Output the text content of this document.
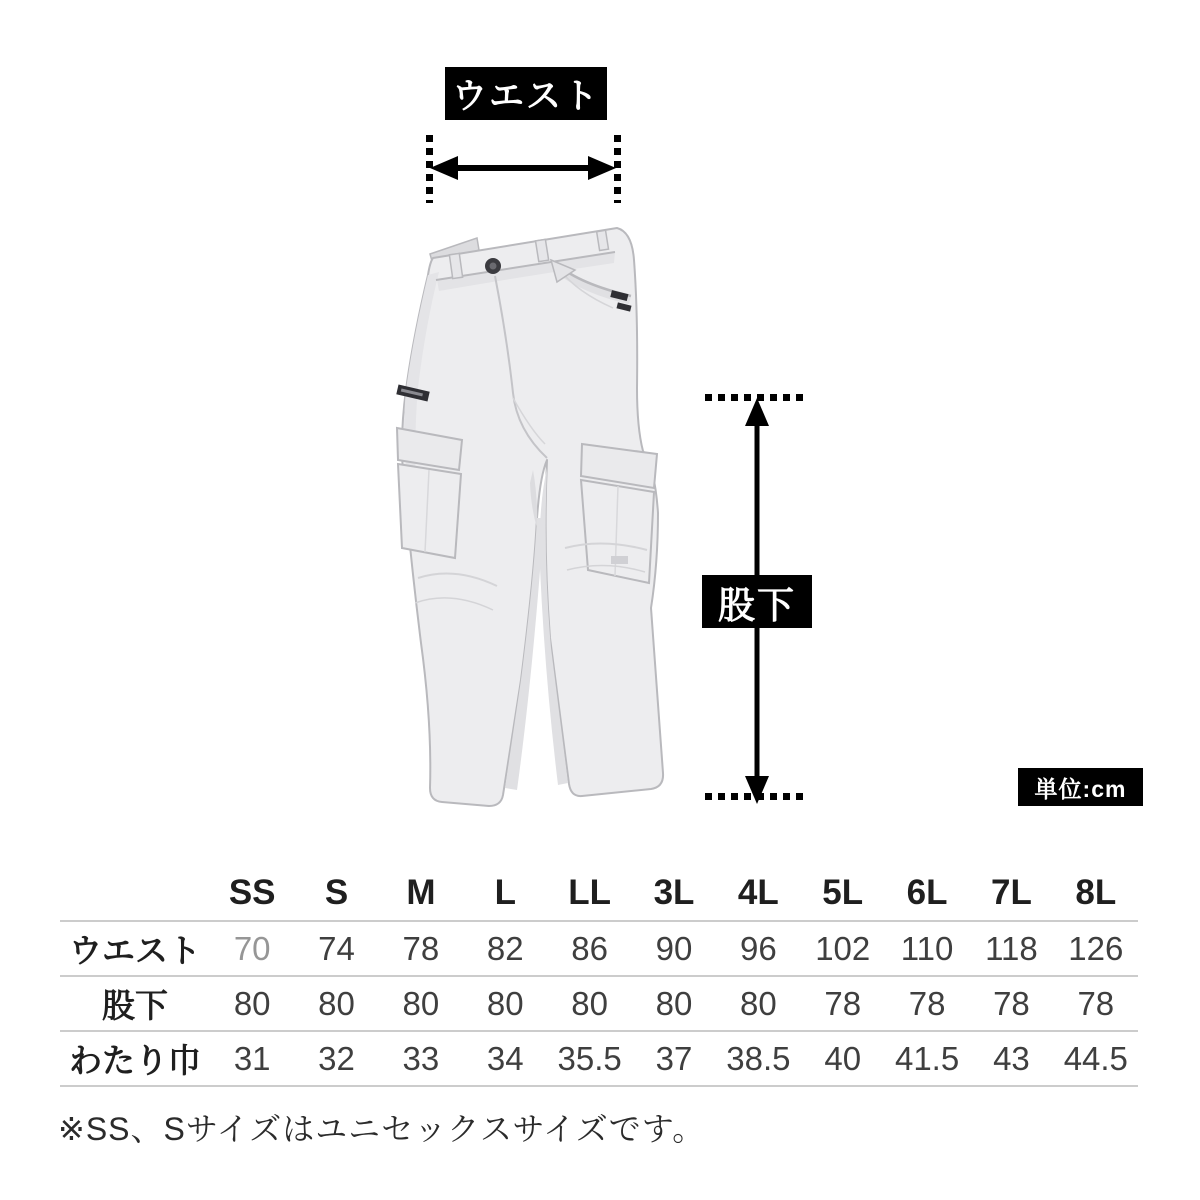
ウエスト
股下
単位:cm
SS	S	M	L	LL	3L	4L	5L	6L	7L	8L
ウエスト 70	74	78	82	86	90	96	102 110 118 126
股下	80	80	80	80	80	80	80	78	78	78	78
わたり巾 31	32	33	34	35.5	37	38.5	40	41.5	43	44.5
※SS、Sサイズはユニセックスサイズです。
